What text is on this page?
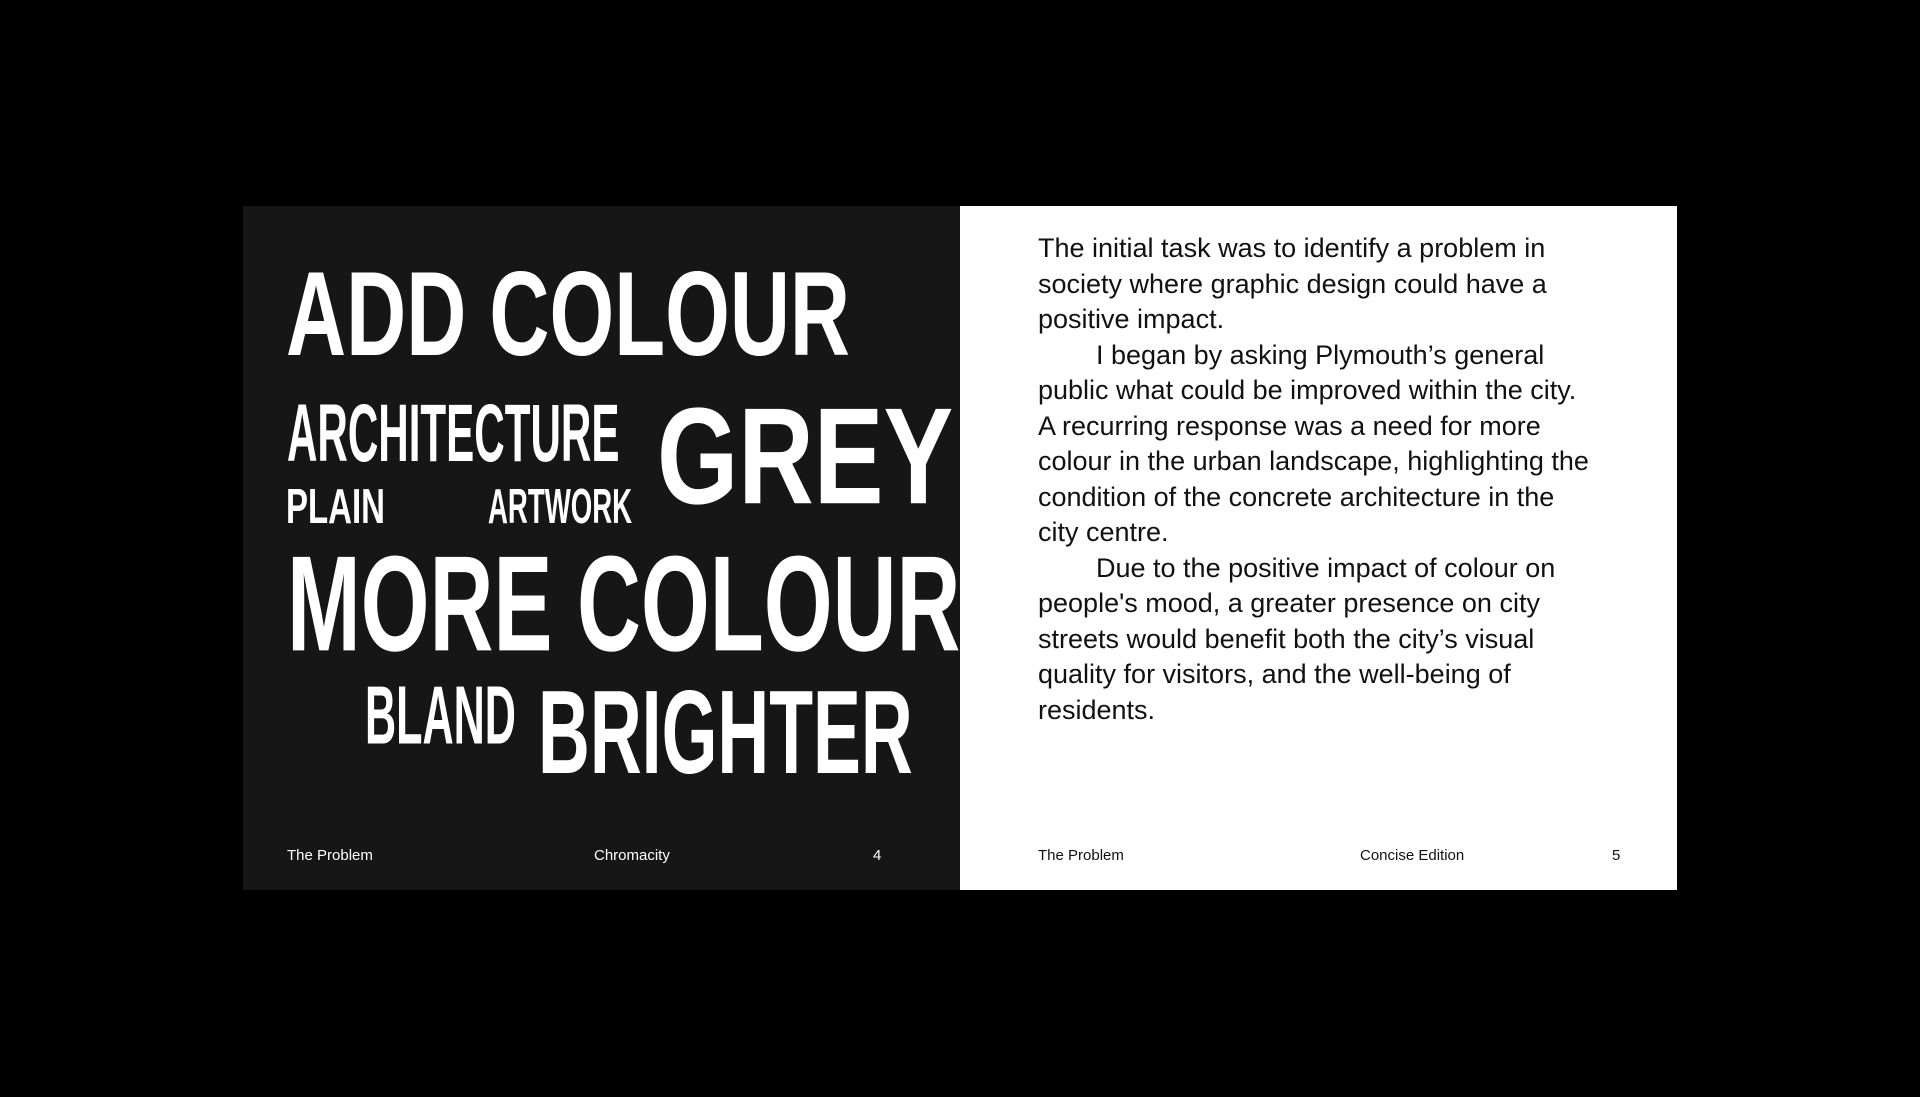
ADD COLOUR
ARCHITECTURE GREY
PLAIN ARTWORK
MORE COLOUR
BLAND BRIGHTER
The Problem	Chromacity	4

The initial task was to identify a problem in society where graphic design could have a positive impact.

I began by asking Plymouth’s general public what could be improved within the city. A recurring response was a need for more colour in the urban landscape, highlighting the condition of the concrete architecture in the city centre.

Due to the positive impact of colour on people's mood, a greater presence on city streets would benefit both the city’s visual quality for visitors, and the well-being of residents.

The Problem	Concise Edition	5
